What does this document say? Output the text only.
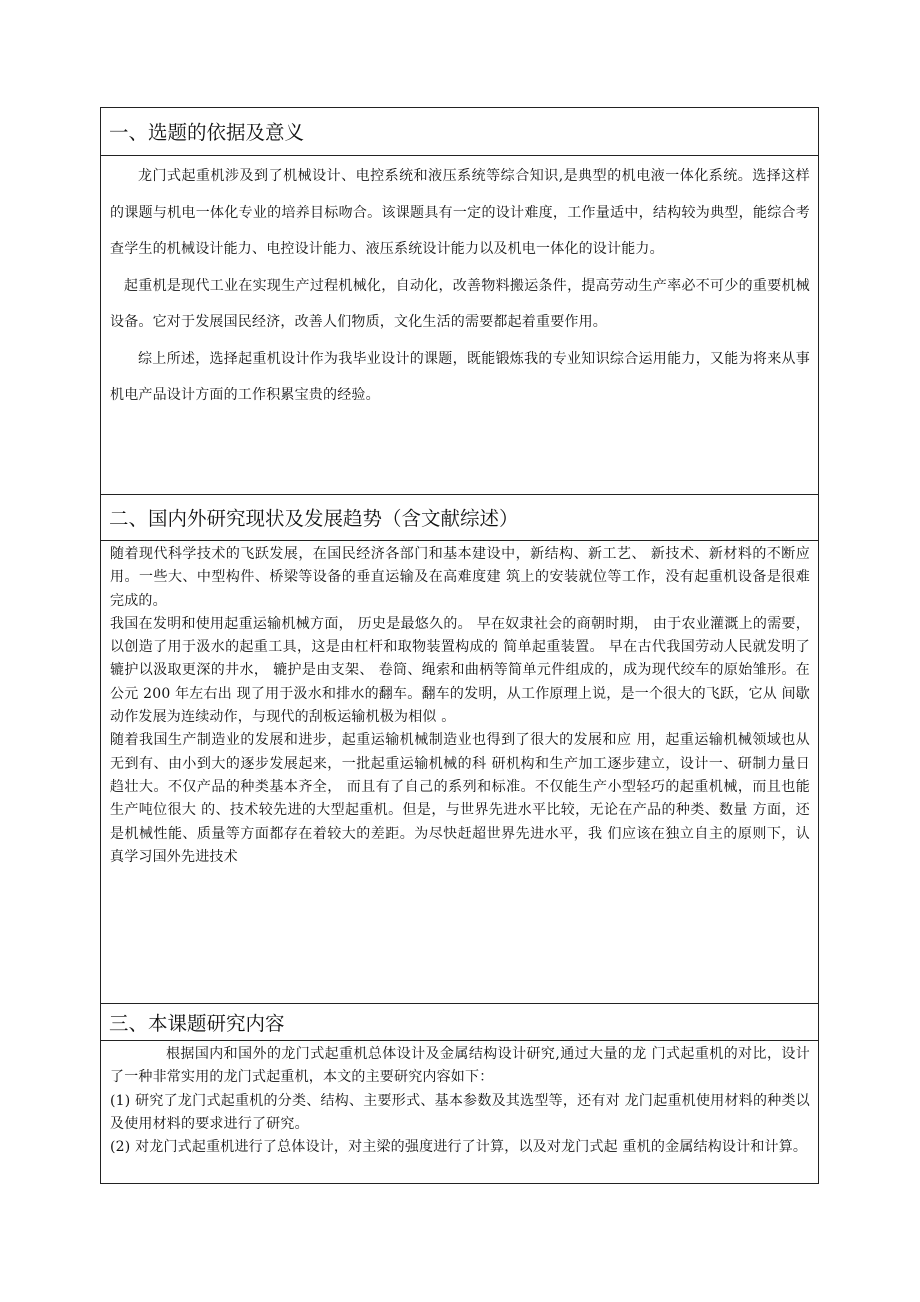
一、选题的依据及意义

龙门式起重机涉及到了机械设计、电控系统和液压系统等综合知识,是典型的机电液一体化系统。选择这样的课题与机电一体化专业的培养目标吻合。该课题具有一定的设计难度，工作量适中，结构较为典型，能综合考查学生的机械设计能力、电控设计能力、液压系统设计能力以及机电一体化的设计能力。

起重机是现代工业在实现生产过程机械化，自动化，改善物料搬运条件，提高劳动生产率必不可少的重要机械设备。它对于发展国民经济，改善人们物质，文化生活的需要都起着重要作用。

综上所述，选择起重机设计作为我毕业设计的课题，既能锻炼我的专业知识综合运用能力，又能为将来从事机电产品设计方面的工作积累宝贵的经验。

二、国内外研究现状及发展趋势（含文献综述）

随着现代科学技术的飞跃发展，在国民经济各部门和基本建设中，新结构、新工艺、 新技术、新材料的不断应用。一些大、中型构件、桥梁等设备的垂直运输及在高难度建 筑上的安装就位等工作，没有起重机设备是很难完成的。

我国在发明和使用起重运输机械方面， 历史是最悠久的。 早在奴隶社会的商朝时期， 由于农业灌溉上的需要，以创造了用于汲水的起重工具，这是由杠杆和取物装置构成的 简单起重装置。 早在古代我国劳动人民就发明了辘护以汲取更深的井水， 辘护是由支架、 卷筒、绳索和曲柄等简单元件组成的，成为现代绞车的原始雏形。在公元 200 年左右出 现了用于汲水和排水的翻车。翻车的发明，从工作原理上说，是一个很大的飞跃，它从 间歇动作发展为连续动作，与现代的刮板运输机极为相似 。

随着我国生产制造业的发展和进步，起重运输机械制造业也得到了很大的发展和应 用，起重运输机械领域也从无到有、由小到大的逐步发展起来，一批起重运输机械的科 研机构和生产加工逐步建立，设计一、研制力量日趋壮大。不仅产品的种类基本齐全， 而且有了自己的系列和标准。不仅能生产小型轻巧的起重机械，而且也能生产吨位很大 的、技术较先进的大型起重机。但是，与世界先进水平比较，无论在产品的种类、数量 方面，还是机械性能、质量等方面都存在着较大的差距。为尽快赶超世界先进水平，我 们应该在独立自主的原则下，认真学习国外先进技术

三、本课题研究内容

根据国内和国外的龙门式起重机总体设计及金属结构设计研究,通过大量的龙 门式起重机的对比，设计了一种非常实用的龙门式起重机，本文的主要研究内容如下：

(1) 研究了龙门式起重机的分类、结构、主要形式、基本参数及其选型等，还有对 龙门起重机使用材料的种类以及使用材料的要求进行了研究。

(2) 对龙门式起重机进行了总体设计，对主梁的强度进行了计算，以及对龙门式起 重机的金属结构设计和计算。
